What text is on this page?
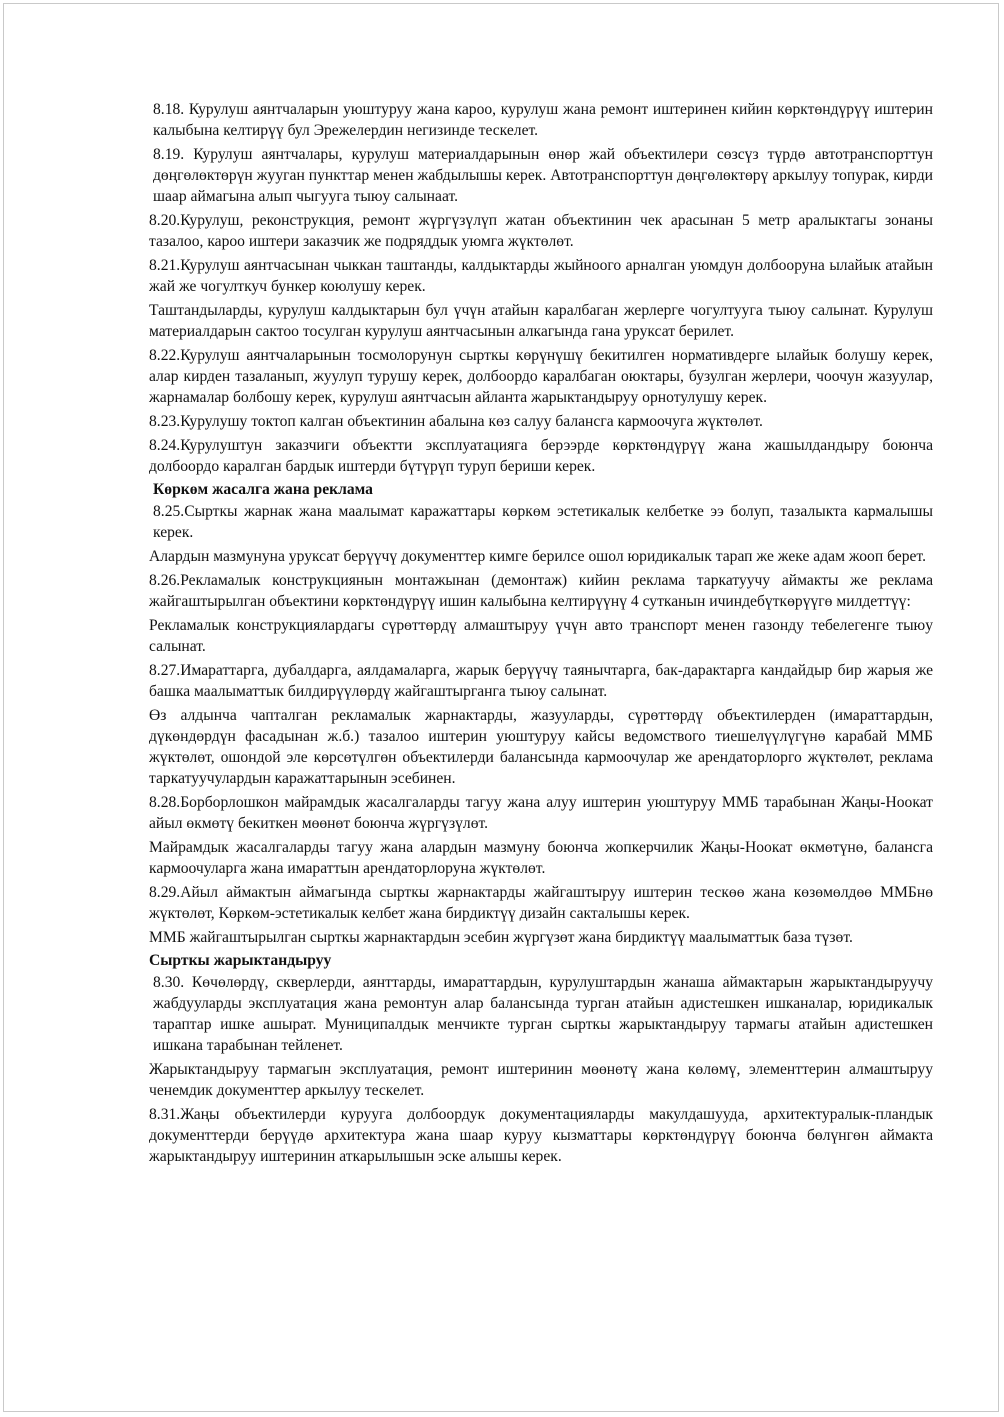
8.18. Курулуш аянтчаларын уюштуруу жана кароо, курулуш жана ремонт иштеринен кийин көрктөндүрүү иштерин калыбына келтирүү бул Эрежелердин негизинде тескелет.

8.19. Курулуш аянтчалары, курулуш материалдарынын өнөр жай объектилери сөзсүз түрдө автотранспорттун дөңгөлөктөрүн жууган пункттар менен жабдылышы керек. Автотранспорттун дөңгөлөктөрү аркылуу топурак, кирди шаар аймагына алып чыгууга тыюу салынаат.

8.20.Курулуш, реконструкция, ремонт жүргүзүлүп жатан объектинин чек арасынан 5 метр аралыктагы зонаны тазалоо, кароо иштери заказчик же подряддык уюмга жүктөлөт.

8.21.Курулуш аянтчасынан чыккан таштанды, калдыктарды жыйноого арналган уюмдун долбооруна ылайык атайын жай же чогулткуч бункер коюлушу керек.

Таштандыларды, курулуш калдыктарын бул үчүн атайын каралбаган жерлерге чогултууга тыюу салынат. Курулуш материалдарын сактоо тосулган курулуш аянтчасынын алкагында гана уруксат берилет.

8.22.Курулуш аянтчаларынын тосмолорунун сырткы көрүнүшү бекитилген нормативдерге ылайык болушу керек, алар кирден тазаланып, жуулуп турушу керек, долбоордо каралбаган оюктары, бузулган жерлери, чоочун жазуулар, жарнамалар болбошу керек, курулуш аянтчасын айланта жарыктандыруу орнотулушу керек.

8.23.Курулушу токтоп калган объектинин абалына көз салуу балансга кармоочуга жүктөлөт.

8.24.Курулуштун заказчиги объектти эксплуатацияга берээрде көрктөндүрүү жана жашылдандыру боюнча долбоордо каралган бардык иштерди бүтүрүп туруп бериши керек.

Көркөм жасалга жана реклама

8.25.Сырткы жарнак жана маалымат каражаттары көркөм эстетикалык келбетке ээ болуп, тазалыкта кармалышы керек.

Алардын мазмунуна уруксат берүүчү документтер кимге берилсе ошол юридикалык тарап же жеке адам жооп берет.

8.26.Рекламалык конструкциянын монтажынан (демонтаж) кийин реклама таркатуучу аймакты же реклама жайгаштырылган объектини көрктөндүрүү ишин калыбына келтирүүнү 4 сутканын ичиндебүткөрүүгө милдеттүү:

Рекламалык конструкциялардагы сүрөттөрдү алмаштыруу үчүн авто транспорт менен газонду тебелегенге тыюу салынат.

8.27.Имараттарга, дубалдарга, аялдамаларга, жарык берүүчү таянычтарга, бак-дарактарга кандайдыр бир жарыя же башка маалыматтык билдирүүлөрдү жайгаштырганга тыюу салынат.

Өз алдынча чапталган рекламалык жарнактарды, жазууларды, сүрөттөрдү объектилерден (имараттардын, дүкөндөрдүн фасадынан ж.б.) тазалоо иштерин уюштуруу кайсы ведомствого тиешелүүлүгүнө карабай ММБ жүктөлөт, ошондой эле көрсөтүлгөн объектилерди балансында кармоочулар же арендаторлорго жүктөлөт, реклама таркатуучулардын каражаттарынын эсебинен.

8.28.Борборлошкон майрамдык жасалгаларды тагуу жана алуу иштерин уюштуруу ММБ тарабынан Жаңы-Ноокат айыл өкмөтү бекиткен мөөнөт боюнча жүргүзүлөт.

Майрамдык жасалгаларды тагуу жана алардын мазмуну боюнча жопкерчилик Жаңы-Ноокат өкмөтүнө, балансга кармоочуларга жана имараттын арендаторлоруна жүктөлөт.

8.29.Айыл аймактын аймагында сырткы жарнактарды жайгаштыруу иштерин тескөө жана көзөмөлдөө ММБнө жүктөлөт, Көркөм-эстетикалык келбет жана бирдиктүү дизайн сакталышы керек.

ММБ жайгаштырылган сырткы жарнактардын эсебин жүргүзөт жана бирдиктүү маалыматтык база түзөт.

Сырткы жарыктандыруу

8.30. Көчөлөрдү, скверлерди, аянттарды, имараттардын, курулуштардын жанаша аймактарын жарыктандыруучу жабдууларды эксплуатация жана ремонтун алар балансында турган атайын адистешкен ишканалар, юридикалык тараптар ишке ашырат. Муниципалдык менчикте турган сырткы жарыктандыруу тармагы атайын адистешкен ишкана тарабынан тейленет.

Жарыктандыруу тармагын эксплуатация, ремонт иштеринин мөөнөтү жана көлөмү, элементтерин алмаштыруу ченемдик документтер аркылуу тескелет.

8.31.Жаңы объектилерди курууга долбоордук документацияларды макулдашууда, архитектуралык-пландык документтерди берүүдө архитектура жана шаар куруу кызматтары көрктөндүрүү боюнча бөлүнгөн аймакта жарыктандыруу иштеринин аткарылышын эске алышы керек.
